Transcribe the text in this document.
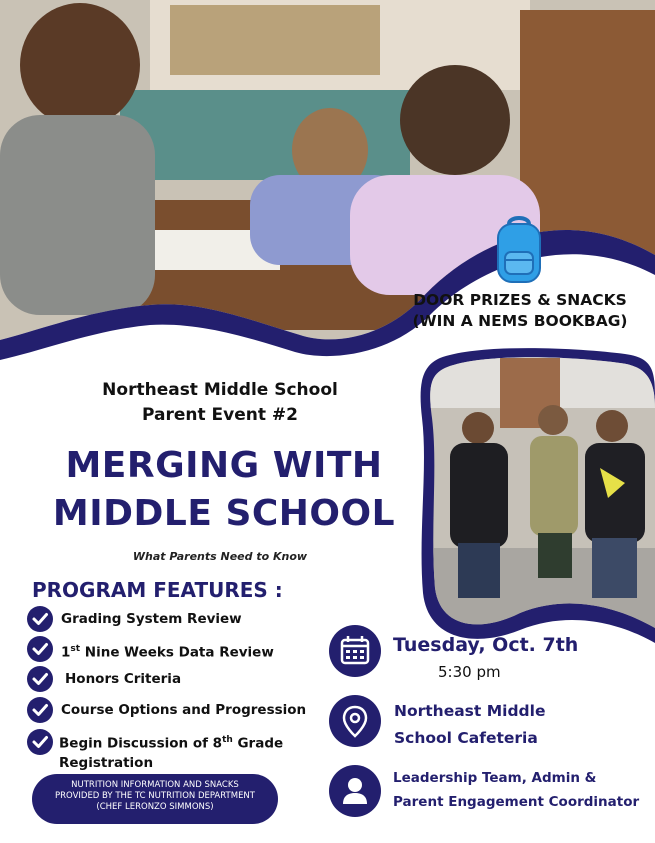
DOOR PRIZES & SNACKS
(WIN A NEMS BOOKBAG)
Northeast Middle School
Parent Event #2
MERGING WITH
MIDDLE SCHOOL
What Parents Need to Know
PROGRAM FEATURES :
Grading System Review
1st Nine Weeks Data Review
Honors Criteria
Course Options and Progression
Begin Discussion of 8th Grade
Registration
NUTRITION INFORMATION AND SNACKS
PROVIDED BY THE TC NUTRITION DEPARTMENT
(CHEF LERONZO SIMMONS)
Tuesday, Oct. 7th
5:30 pm
Northeast Middle
School Cafeteria
Leadership Team, Admin &
Parent Engagement Coordinator
